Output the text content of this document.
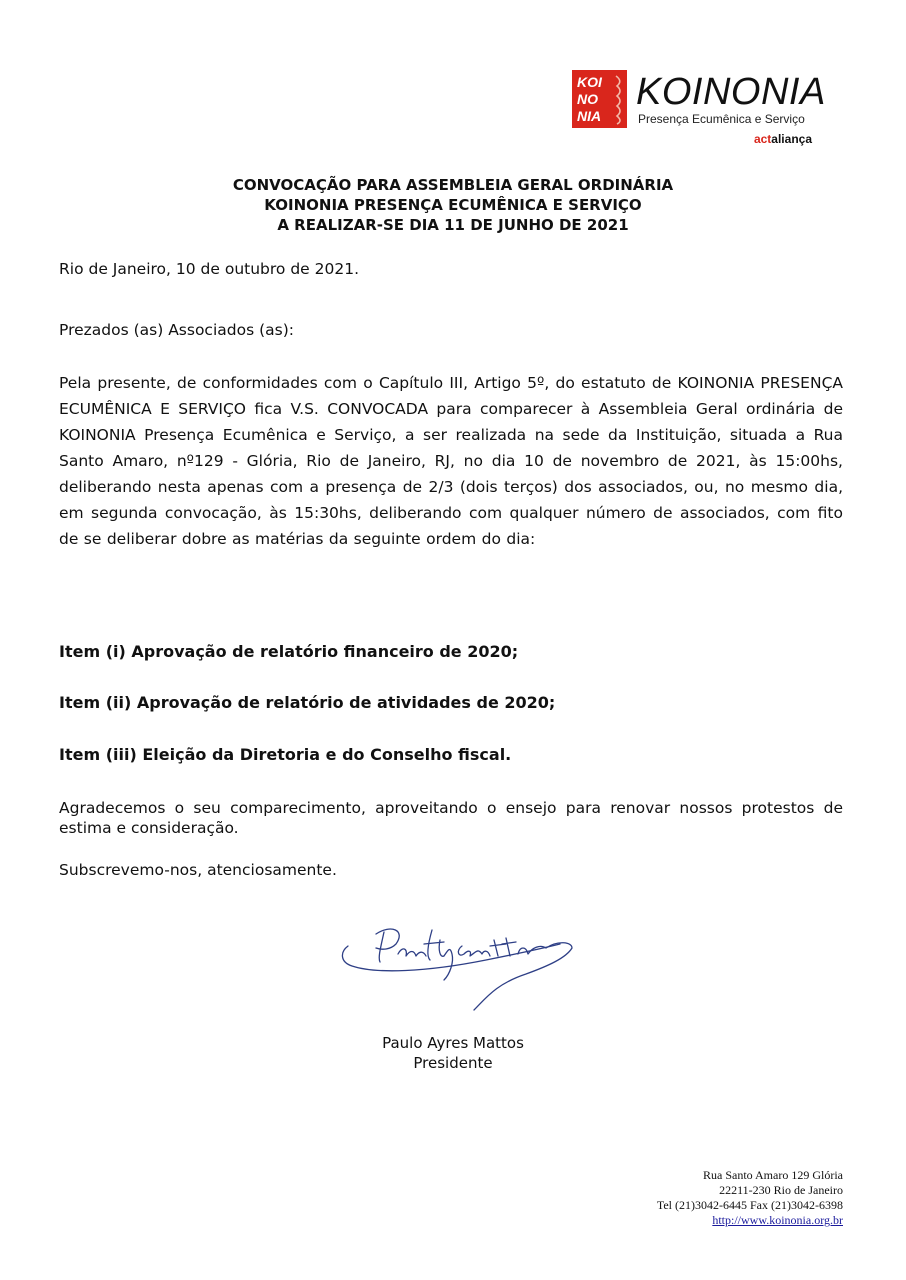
KOI
NO
NIA
KOINONIA
Presença Ecumênica e Serviço
actaliança
CONVOCAÇÃO PARA ASSEMBLEIA GERAL ORDINÁRIA
KOINONIA PRESENÇA ECUMÊNICA E SERVIÇO
A REALIZAR-SE DIA 11 DE JUNHO DE 2021

Rio de Janeiro, 10 de outubro de 2021.

Prezados (as) Associados (as):

Pela presente, de conformidades com o Capítulo III, Artigo 5º, do estatuto de KOINONIA PRESENÇA ECUMÊNICA E SERVIÇO fica V.S. CONVOCADA para comparecer à Assembleia Geral ordinária de KOINONIA Presença Ecumênica e Serviço, a ser realizada na sede da Instituição, situada a Rua Santo Amaro, nº129 - Glória, Rio de Janeiro, RJ, no dia 10 de novembro de 2021, às 15:00hs, deliberando nesta apenas com a presença de 2/3 (dois terços) dos associados, ou, no mesmo dia, em segunda convocação, às 15:30hs, deliberando com qualquer número de associados, com fito de se deliberar dobre as matérias da seguinte ordem do dia:

Item (i) Aprovação de relatório financeiro de 2020;

Item (ii) Aprovação de relatório de atividades de 2020;

Item (iii) Eleição da Diretoria e do Conselho fiscal.

Agradecemos o seu comparecimento, aproveitando o ensejo para renovar nossos protestos de estima e consideração.

Subscrevemo-nos, atenciosamente.

Paulo Ayres Mattos
Presidente
Rua Santo Amaro 129 Glória
22211-230 Rio de Janeiro
Tel (21)3042-6445 Fax (21)3042-6398
http://www.koinonia.org.br
